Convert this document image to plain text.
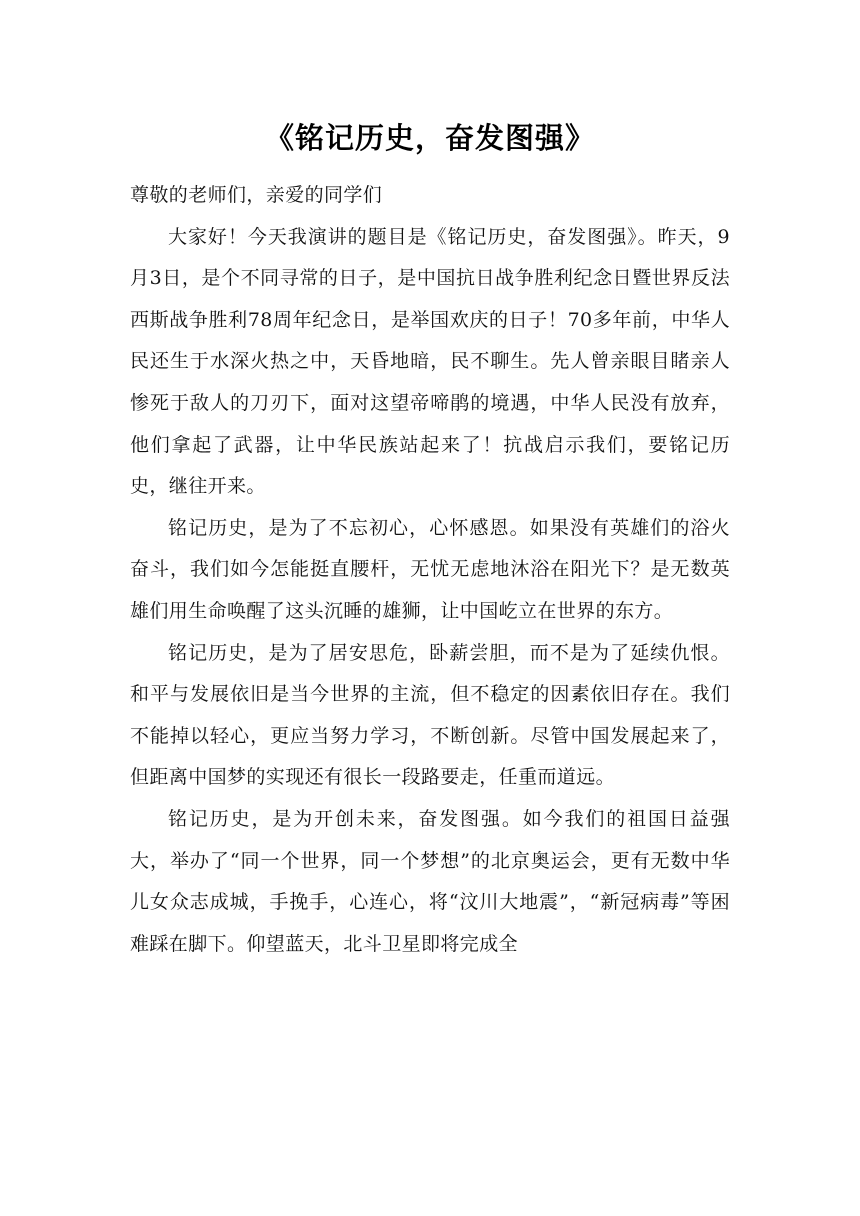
《铭记历史，奋发图强》

尊敬的老师们，亲爱的同学们

大家好！今天我演讲的题目是《铭记历史，奋发图强》。昨天，9月3日，是个不同寻常的日子，是中国抗日战争胜利纪念日暨世界反法西斯战争胜利78周年纪念日，是举国欢庆的日子！70多年前，中华人民还生于水深火热之中，天昏地暗，民不聊生。先人曾亲眼目睹亲人惨死于敌人的刀刃下，面对这望帝啼鹃的境遇，中华人民没有放弃，他们拿起了武器，让中华民族站起来了！抗战启示我们，要铭记历史，继往开来。

铭记历史，是为了不忘初心，心怀感恩。如果没有英雄们的浴火奋斗，我们如今怎能挺直腰杆，无忧无虑地沐浴在阳光下？是无数英雄们用生命唤醒了这头沉睡的雄狮，让中国屹立在世界的东方。

铭记历史，是为了居安思危，卧薪尝胆，而不是为了延续仇恨。和平与发展依旧是当今世界的主流，但不稳定的因素依旧存在。我们不能掉以轻心，更应当努力学习，不断创新。尽管中国发展起来了，但距离中国梦的实现还有很长一段路要走，任重而道远。

铭记历史，是为开创未来，奋发图强。如今我们的祖国日益强大，举办了“同一个世界，同一个梦想”的北京奥运会，更有无数中华儿女众志成城，手挽手，心连心，将“汶川大地震”，“新冠病毒”等困难踩在脚下。仰望蓝天，北斗卫星即将完成全
